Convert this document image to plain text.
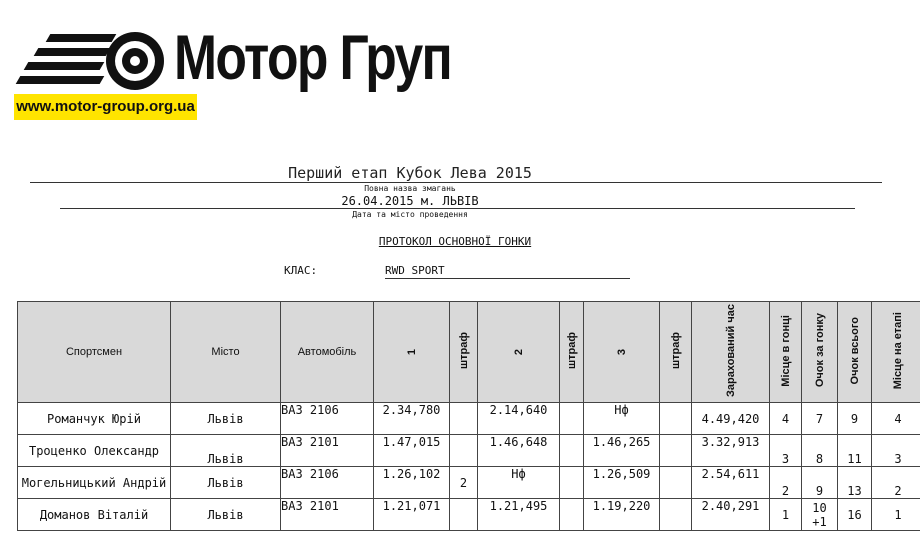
Мотор Груп
www.motor-group.org.ua
Перший етап Кубок Лева 2015
Повна назва змагань
26.04.2015 м. ЛЬВІВ
Дата та місто проведення
ПРОТОКОЛ ОСНОВНОЇ ГОНКИ
КЛАС:	RWD SPORT
Спортсмен	Місто	Автомобіль	1	штраф	2	штраф	3	штраф	Зарахований час	Місце в гонці	Очок за гонку	Очок всього	Місце на етапі
Романчук Юрій	Львів	ВАЗ 2106	2.34,780		2.14,640		Нф		4.49,420	4	7	9	4
Троценко Олександр	Львів	ВАЗ 2101	1.47,015		1.46,648		1.46,265		3.32,913	3	8	11	3
Могельницький Андрій	Львів	ВАЗ 2106	1.26,102	2	Нф		1.26,509		2.54,611	2	9	13	2
Доманов Віталій	Львів	ВАЗ 2101	1.21,071		1.21,495		1.19,220		2.40,291	1	10 +1	16	1
